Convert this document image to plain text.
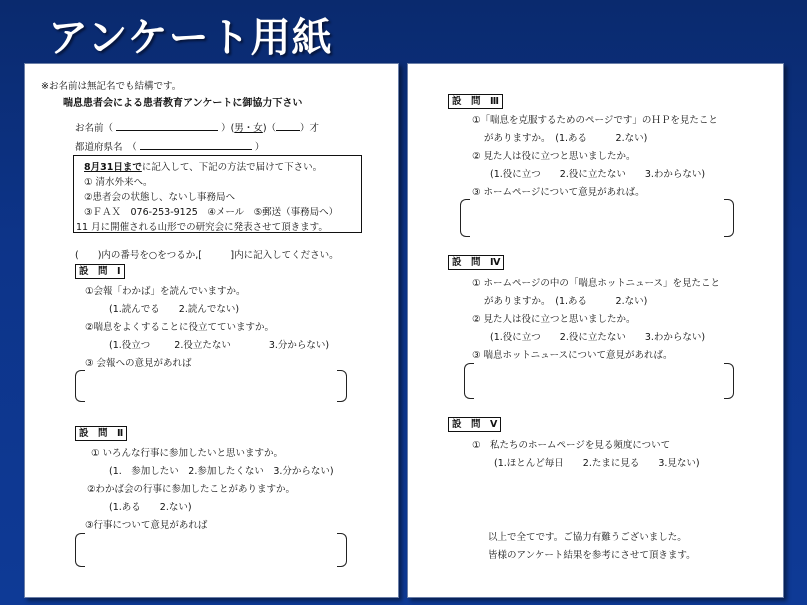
アンケート用紙
※お名前は無記名でも結構です。
喘息患者会による患者教育アンケートに御協力下さい
お名前（	）(男・女)（	）才
都道府県名　（	）
8月31日までに記入して、下記の方法で届けて下さい。
① 清水外来へ。
②患者会の状態し、ないし事務局へ
③ＦＡＸ　076-253-9125　④メール　⑤郵送（事務局へ）
11 月に開催される山形での研究会に発表させて頂きます。
(　　)内の番号を○をつるか,[　　　]内に記入してください。
設　問　Ⅰ
①会報「わかば」を読んでいますか。
(1.読んでる　　2.読んでない)
②喘息をよくすることに役立てていますか。
(1.役立つ	2.役立たない	3.分からない)
③ 会報への意見があれば
設　問　Ⅱ
① いろんな行事に参加したいと思いますか。
(1.　参加したい　2.参加したくない　3.分からない)
②わかば会の行事に参加したことがありますか。
(1.ある　　2.ない)
③行事について意見があれば
設　問　Ⅲ
①「喘息を克服するためのページです」のＨＰを見たこと
がありますか。　(1.ある　　　2.ない)
② 見た人は役に立つと思いましたか。
(1.役に立つ　　2.役に立たない　　3.わからない)
③ ホームページについて意見があれば。
設　問　Ⅳ
① ホームページの中の「喘息ホットニュース」を見たこと
がありますか。　(1.ある　　　2.ない)
② 見た人は役に立つと思いましたか。
(1.役に立つ　　2.役に立たない　　3.わからない)
③ 喘息ホットニュースについて意見があれば。
設　問　Ⅴ
①　私たちのホームページを見る頻度について
(1.ほとんど毎日　　2.たまに見る　　3.見ない)
以上で全てです。ご協力有難うございました。
皆様のアンケート結果を参考にさせて頂きます。
